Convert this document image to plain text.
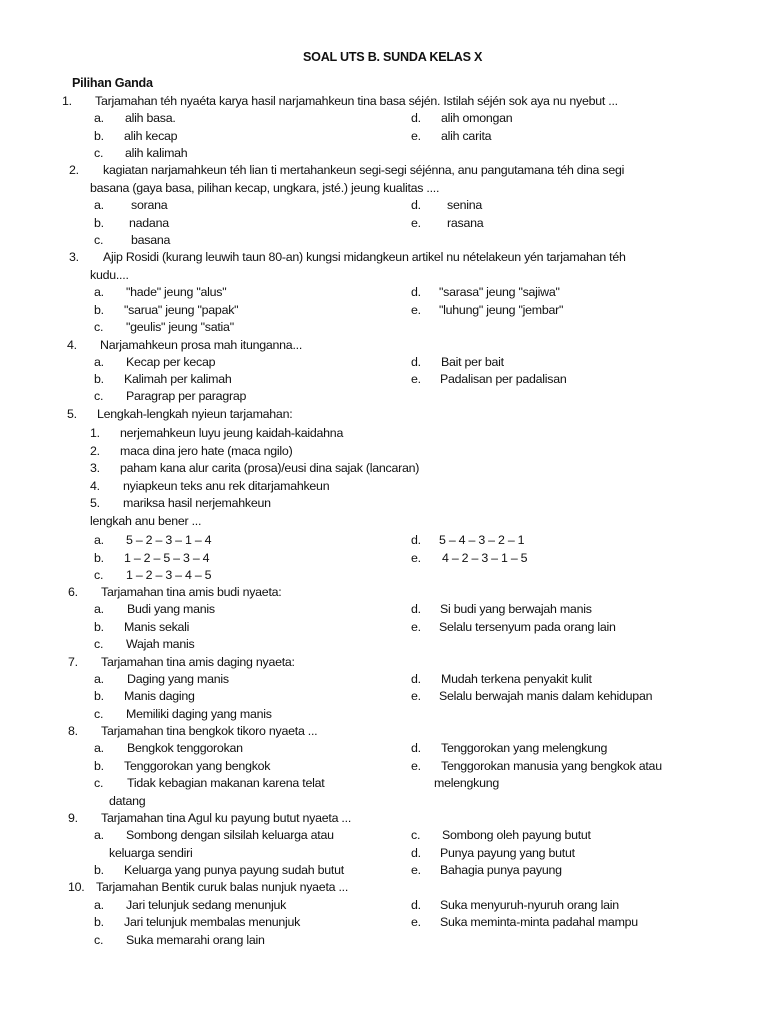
SOAL UTS B. SUNDA KELAS X
Pilihan Ganda
1. Tarjamahan téh nyaéta karya hasil narjamahkeun tina basa séjén. Istilah séjén sok aya nu nyebut ...
a. alih basa.
b. alih kecap
c. alih kalimah
d. alih omongan
e. alih carita
2. kagiatan narjamahkeun téh lian ti mertahankeun segi-segi séjénna, anu pangutamana téh dina segi
basana (gaya basa, pilihan kecap, ungkara, jsté.) jeung kualitas ....
a. sorana
b. nadana
c. basana
d. senina
e. rasana
3. Ajip Rosidi (kurang leuwih taun 80-an) kungsi midangkeun artikel nu nételakeun yén tarjamahan téh
kudu....
a. "hade" jeung "alus"
b. "sarua" jeung "papak"
c. "geulis" jeung "satia"
d. "sarasa" jeung "sajiwa"
e. "luhung" jeung "jembar"
4. Narjamahkeun prosa mah itunganna...
a. Kecap per kecap
b. Kalimah per kalimah
c. Paragrap per paragrap
d. Bait per bait
e. Padalisan per padalisan
5. Lengkah-lengkah nyieun tarjamahan:
1. nerjemahkeun luyu jeung kaidah-kaidahna
2. maca dina jero hate (maca ngilo)
3. paham kana alur carita (prosa)/eusi dina sajak (lancaran)
4. nyiapkeun teks anu rek ditarjamahkeun
5. mariksa hasil nerjemahkeun
lengkah anu bener ...
a. 5 – 2 – 3 – 1 – 4
b. 1 – 2 – 5 – 3 – 4
c. 1 – 2 – 3 – 4 – 5
d. 5 – 4 – 3 – 2 – 1
e. 4 – 2 – 3 – 1 – 5
6. Tarjamahan tina amis budi nyaeta:
a. Budi yang manis
b. Manis sekali
c. Wajah manis
d. Si budi yang berwajah manis
e. Selalu tersenyum pada orang lain
7. Tarjamahan tina amis daging nyaeta:
a. Daging yang manis
b. Manis daging
c. Memiliki daging yang manis
d. Mudah terkena penyakit kulit
e. Selalu berwajah manis dalam kehidupan
8. Tarjamahan tina bengkok tikoro nyaeta ...
a. Bengkok tenggorokan
b. Tenggorokan yang bengkok
c. Tidak kebagian makanan karena telat
datang
d. Tenggorokan yang melengkung
e. Tenggorokan manusia yang bengkok atau
melengkung
9. Tarjamahan tina Agul ku payung butut nyaeta ...
a. Sombong dengan silsilah keluarga atau
keluarga sendiri
b. Keluarga yang punya payung sudah butut
c. Sombong oleh payung butut
d. Punya payung yang butut
e. Bahagia punya payung
10. Tarjamahan Bentik curuk balas nunjuk nyaeta ...
a. Jari telunjuk sedang menunjuk
b. Jari telunjuk membalas menunjuk
c. Suka memarahi orang lain
d. Suka menyuruh-nyuruh orang lain
e. Suka meminta-minta padahal mampu
